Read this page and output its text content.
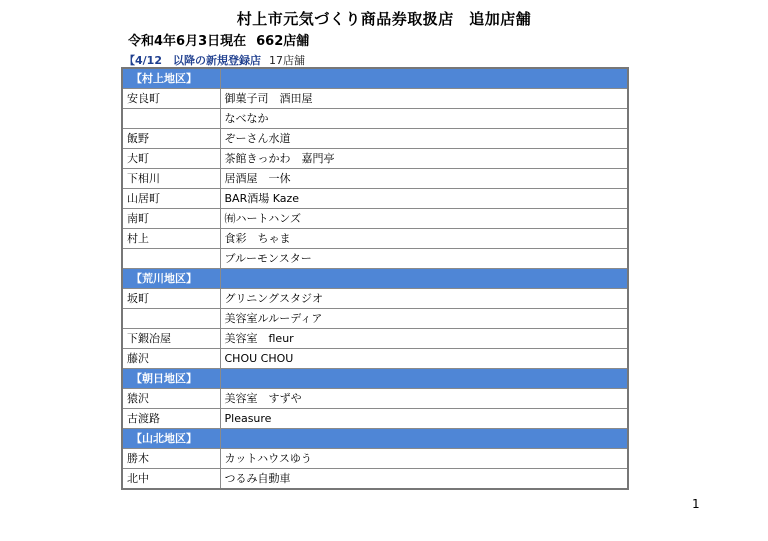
村上市元気づくり商品券取扱店　追加店舗
令和4年6月3日現在 662店舗
【4/12　以降の新規登録店 17店舗
【村上地区】	
安良町	御菓子司　酒田屋
	なべなか
飯野	ぞーさん水道
大町	茶館きっかわ　嘉門亭
下相川	居酒屋　一休
山居町	BAR酒場 Kaze
南町	㈲ハートハンズ
村上	食彩　ちゃま
	ブルーモンスター
【荒川地区】	
坂町	グリニングスタジオ
	美容室ルルーディア
下鍜冶屋	美容室　fleur
藤沢	CHOU CHOU
【朝日地区】	
猿沢	美容室　すずや
古渡路	Pleasure
【山北地区】	
勝木	カットハウスゆう
北中	つるみ自動車
1
